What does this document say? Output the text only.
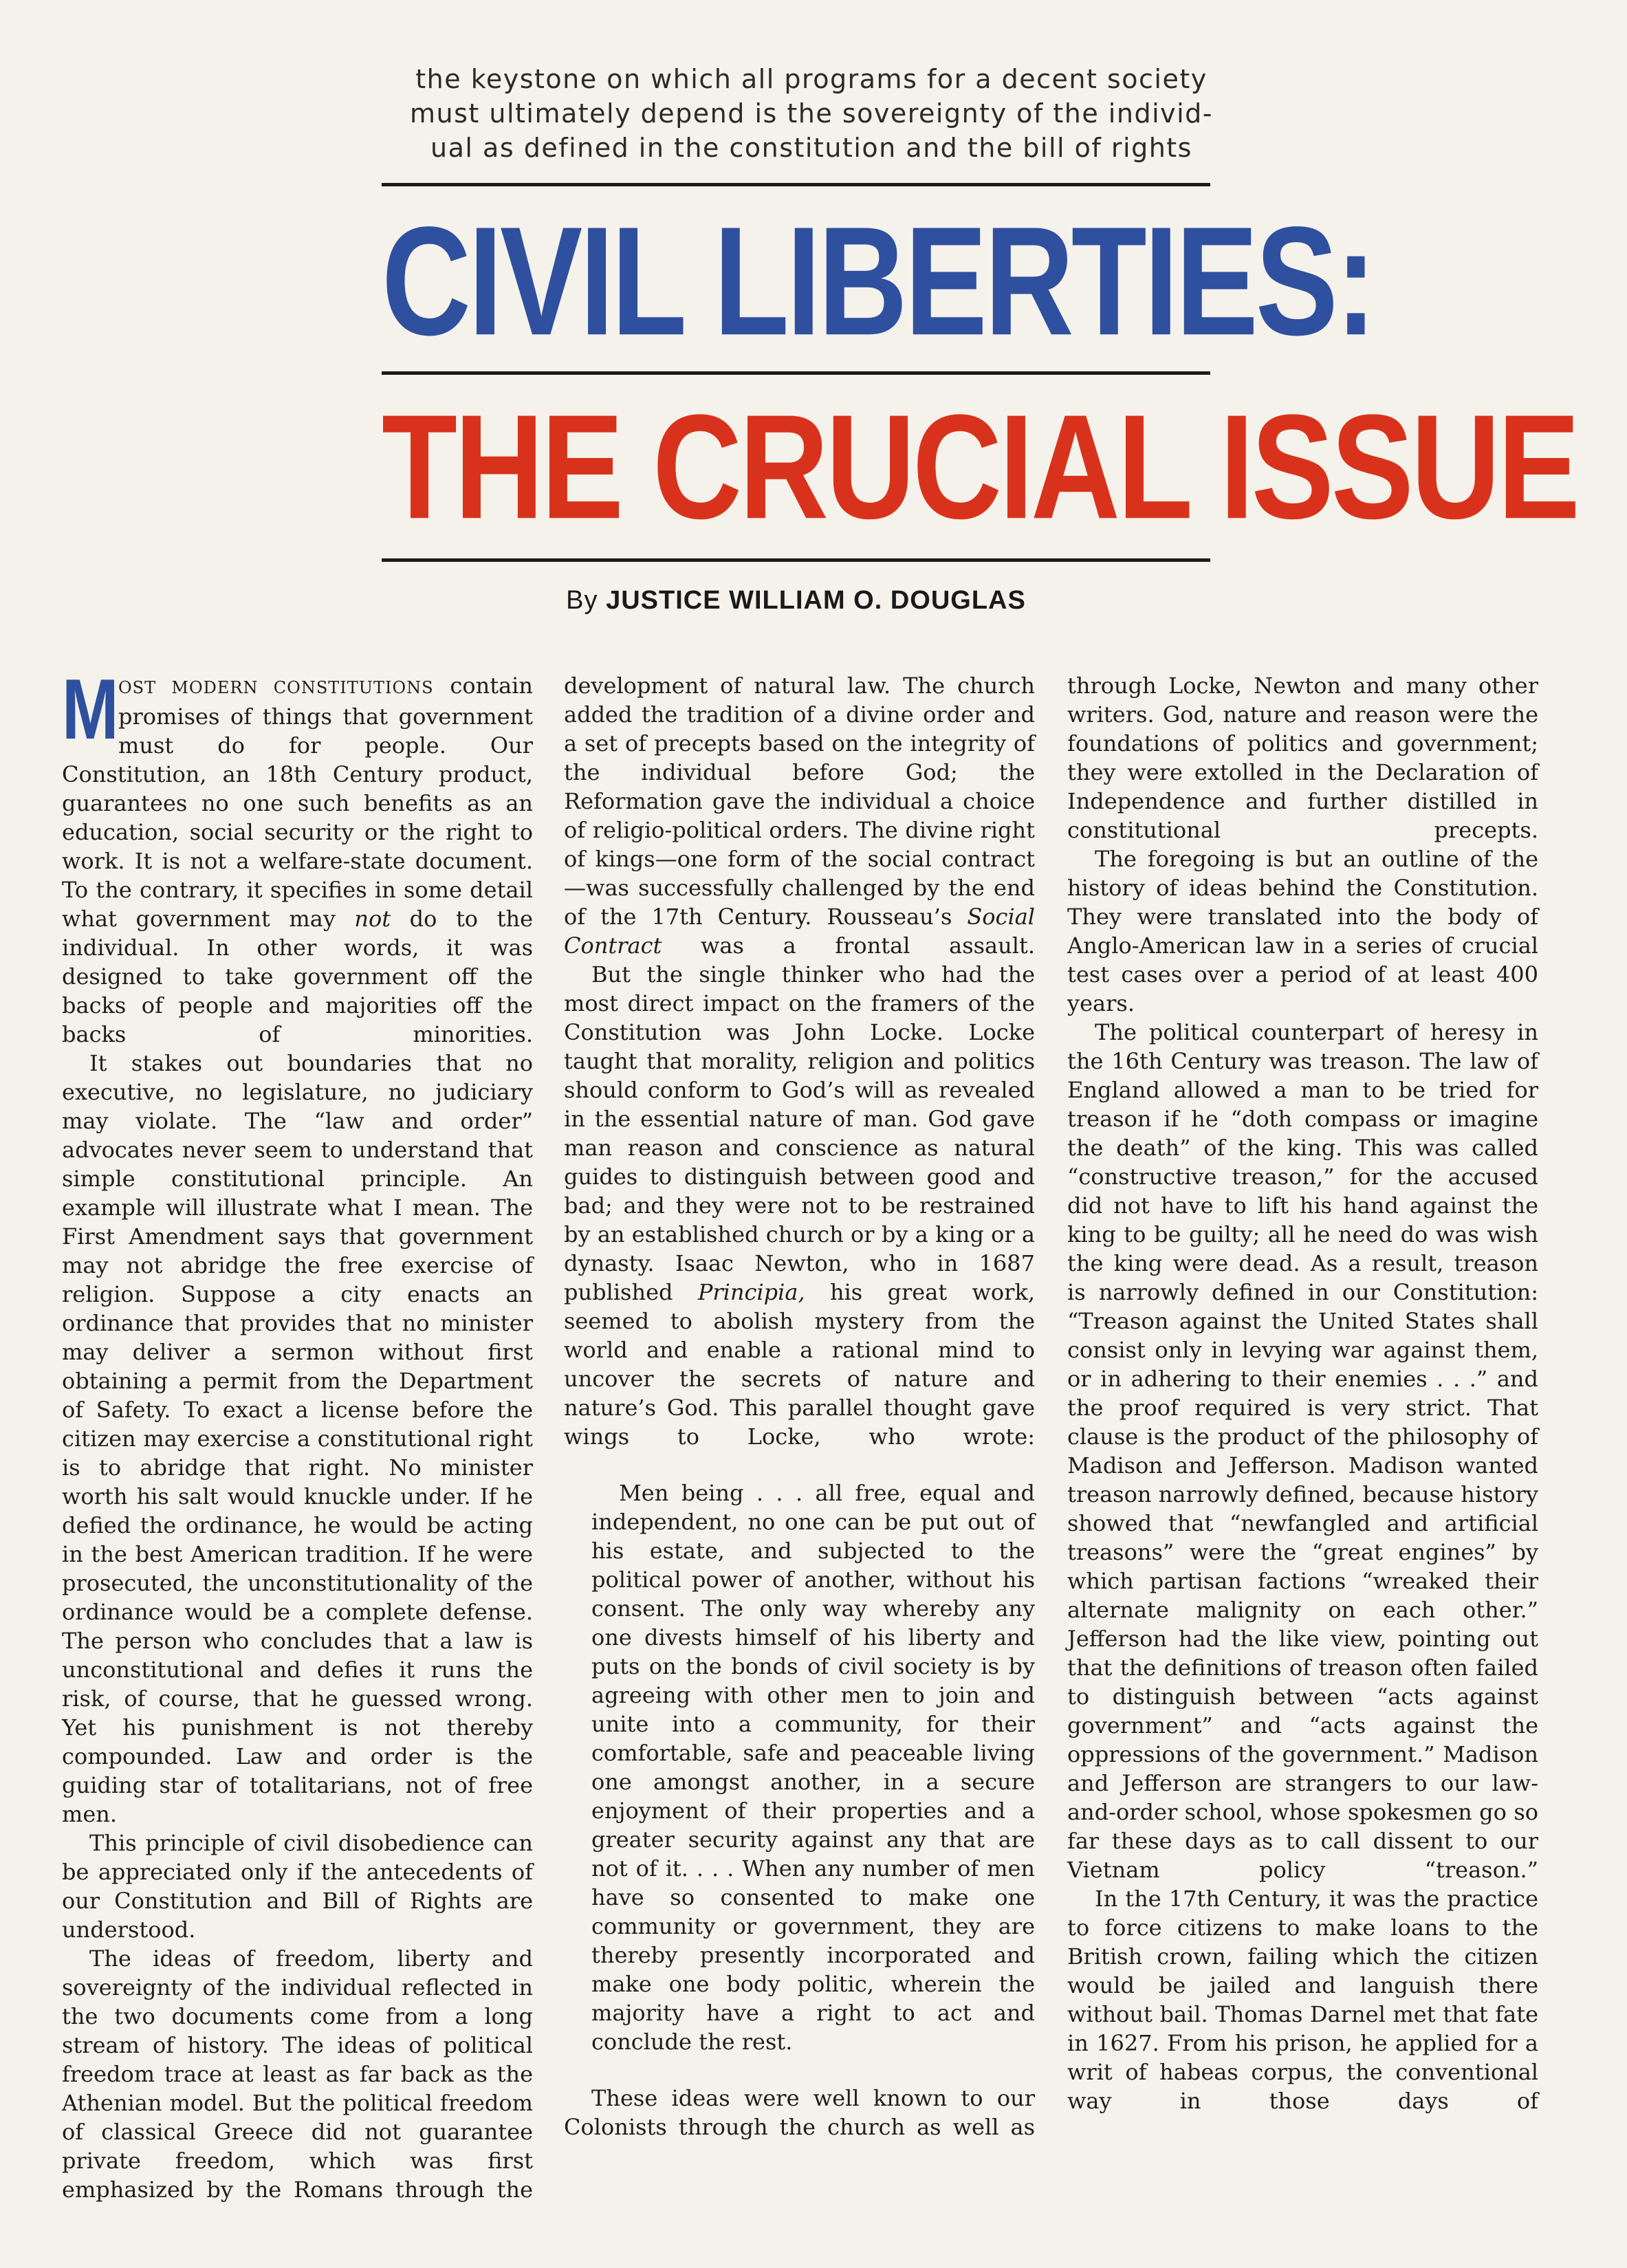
the keystone on which all programs for a decent society
must ultimately depend is the sovereignty of the individ-
ual as defined in the constitution and the bill of rights
CIVIL LIBERTIES:
THE CRUCIAL ISSUE
By JUSTICE WILLIAM O. DOUGLAS

MOST MODERN CONSTITUTIONS contain promises of things that government must do for people. Our Constitution, an 18th Century product, guarantees no one such benefits as an education, social security or the right to work. It is not a welfare-state document. To the contrary, it specifies in some detail what government may not do to the individual. In other words, it was designed to take government off the backs of people and majorities off the backs of minorities.

It stakes out boundaries that no executive, no legislature, no judiciary may violate. The “law and order” advocates never seem to understand that simple constitutional principle. An example will illustrate what I mean. The First Amendment says that government may not abridge the free exercise of religion. Suppose a city enacts an ordinance that provides that no minister may deliver a sermon without first obtaining a permit from the Department of Safety. To exact a license before the citizen may exercise a constitutional right is to abridge that right. No minister worth his salt would knuckle under. If he defied the ordinance, he would be acting in the best American tradition. If he were prosecuted, the unconstitutionality of the ordinance would be a complete defense. The person who concludes that a law is unconstitutional and defies it runs the risk, of course, that he guessed wrong. Yet his punishment is not thereby compounded. Law and order is the guiding star of totalitarians, not of free men.

This principle of civil disobedience can be appreciated only if the antecedents of our Constitution and Bill of Rights are understood.

The ideas of freedom, liberty and sovereignty of the individual reflected in the two documents come from a long stream of history. The ideas of political freedom trace at least as far back as the Athenian model. But the political freedom of classical Greece did not guarantee private freedom, which was first emphasized by the Romans through the

development of natural law. The church added the tradition of a divine order and a set of precepts based on the integrity of the individual before God; the Reformation gave the individual a choice of religio-political orders. The divine right of kings—one form of the social contract—was successfully challenged by the end of the 17th Century. Rousseau’s Social Contract was a frontal assault.

But the single thinker who had the most direct impact on the framers of the Constitution was John Locke. Locke taught that morality, religion and politics should conform to God’s will as revealed in the essential nature of man. God gave man reason and conscience as natural guides to distinguish between good and bad; and they were not to be restrained by an established church or by a king or a dynasty. Isaac Newton, who in 1687 published Principia, his great work, seemed to abolish mystery from the world and enable a rational mind to uncover the secrets of nature and nature’s God. This parallel thought gave wings to Locke, who wrote:

Men being . . . all free, equal and independent, no one can be put out of his estate, and subjected to the political power of another, without his consent. The only way whereby any one divests himself of his liberty and puts on the bonds of civil society is by agreeing with other men to join and unite into a community, for their comfortable, safe and peaceable living one amongst another, in a secure enjoyment of their properties and a greater security against any that are not of it. . . . When any number of men have so consented to make one community or government, they are thereby presently incorporated and make one body politic, wherein the majority have a right to act and conclude the rest.

These ideas were well known to our Colonists through the church as well as

through Locke, Newton and many other writers. God, nature and reason were the foundations of politics and government; they were extolled in the Declaration of Independence and further distilled in constitutional precepts.

The foregoing is but an outline of the history of ideas behind the Constitution. They were translated into the body of Anglo-American law in a series of crucial test cases over a period of at least 400 years.

The political counterpart of heresy in the 16th Century was treason. The law of England allowed a man to be tried for treason if he “doth compass or imagine the death” of the king. This was called “constructive treason,” for the accused did not have to lift his hand against the king to be guilty; all he need do was wish the king were dead. As a result, treason is narrowly defined in our Constitution: “Treason against the United States shall consist only in levying war against them, or in adhering to their enemies . . .” and the proof required is very strict. That clause is the product of the philosophy of Madison and Jefferson. Madison wanted treason narrowly defined, because history showed that “newfangled and artificial treasons” were the “great engines” by which partisan factions “wreaked their alternate malignity on each other.” Jefferson had the like view, pointing out that the definitions of treason often failed to distinguish between “acts against government” and “acts against the oppressions of the government.” Madison and Jefferson are strangers to our law-and-order school, whose spokesmen go so far these days as to call dissent to our Vietnam policy “treason.”

In the 17th Century, it was the practice to force citizens to make loans to the British crown, failing which the citizen would be jailed and languish there without bail. Thomas Darnel met that fate in 1627. From his prison, he applied for a writ of habeas corpus, the conventional way in those days of
